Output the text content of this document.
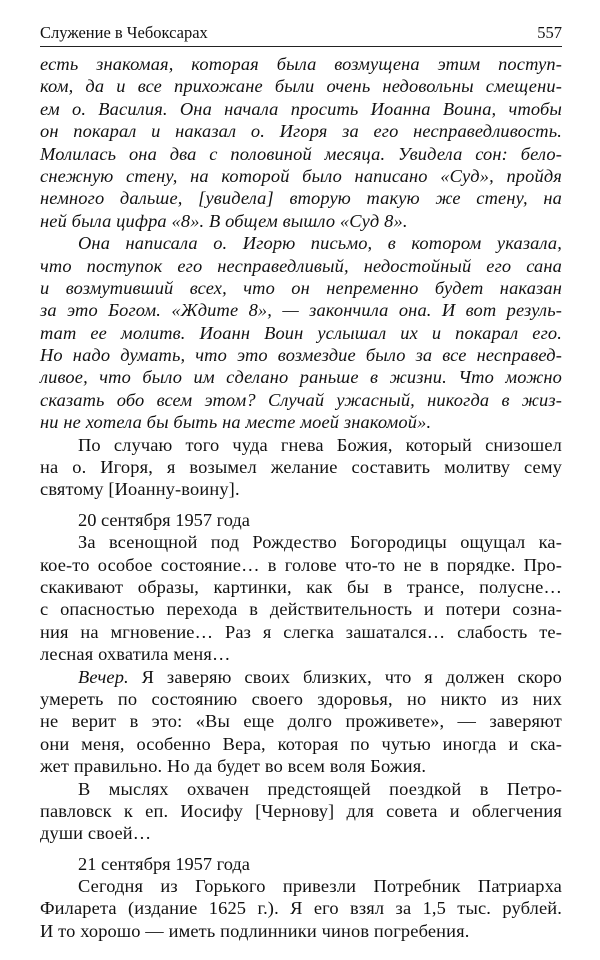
Служение в Чебоксарах	557
есть знакомая, которая была возмущена этим поступ-
ком, да и все прихожане были очень недовольны смещени-
ем о. Василия. Она начала просить Иоанна Воина, чтобы
он покарал и наказал о. Игоря за его несправедливость.
Молилась она два с половиной месяца. Увидела сон: бело-
снежную стену, на которой было написано «Суд», пройдя
немного дальше, [увидела] вторую такую же стену, на
ней была цифра «8». В общем вышло «Суд 8».
Она написала о. Игорю письмо, в котором указала,
что поступок его несправедливый, недостойный его сана
и возмутивший всех, что он непременно будет наказан
за это Богом. «Ждите 8», — закончила она. И вот резуль-
тат ее молитв. Иоанн Воин услышал их и покарал его.
Но надо думать, что это возмездие было за все несправед-
ливое, что было им сделано раньше в жизни. Что можно
сказать обо всем этом? Случай ужасный, никогда в жиз-
ни не хотела бы быть на месте моей знакомой».
По случаю того чуда гнева Божия, который снизошел
на о. Игоря, я возымел желание составить молитву сему
святому [Иоанну-воину].
20 сентября 1957 года
За всенощной под Рождество Богородицы ощущал ка-
кое-то особое состояние… в голове что-то не в порядке. Про-
скакивают образы, картинки, как бы в трансе, полусне…
с опасностью перехода в действительность и потери созна-
ния на мгновение… Раз я слегка зашатался… слабость те-
лесная охватила меня…
Вечер. Я заверяю своих близких, что я должен скоро
умереть по состоянию своего здоровья, но никто из них
не верит в это: «Вы еще долго проживете», — заверяют
они меня, особенно Вера, которая по чутью иногда и ска-
жет правильно. Но да будет во всем воля Божия.
В мыслях охвачен предстоящей поездкой в Петро-
павловск к еп. Иосифу [Чернову] для совета и облегчения
души своей…
21 сентября 1957 года
Сегодня из Горького привезли Потребник Патриарха
Филарета (издание 1625 г.). Я его взял за 1,5 тыс. рублей.
И то хорошо — иметь подлинники чинов погребения.
